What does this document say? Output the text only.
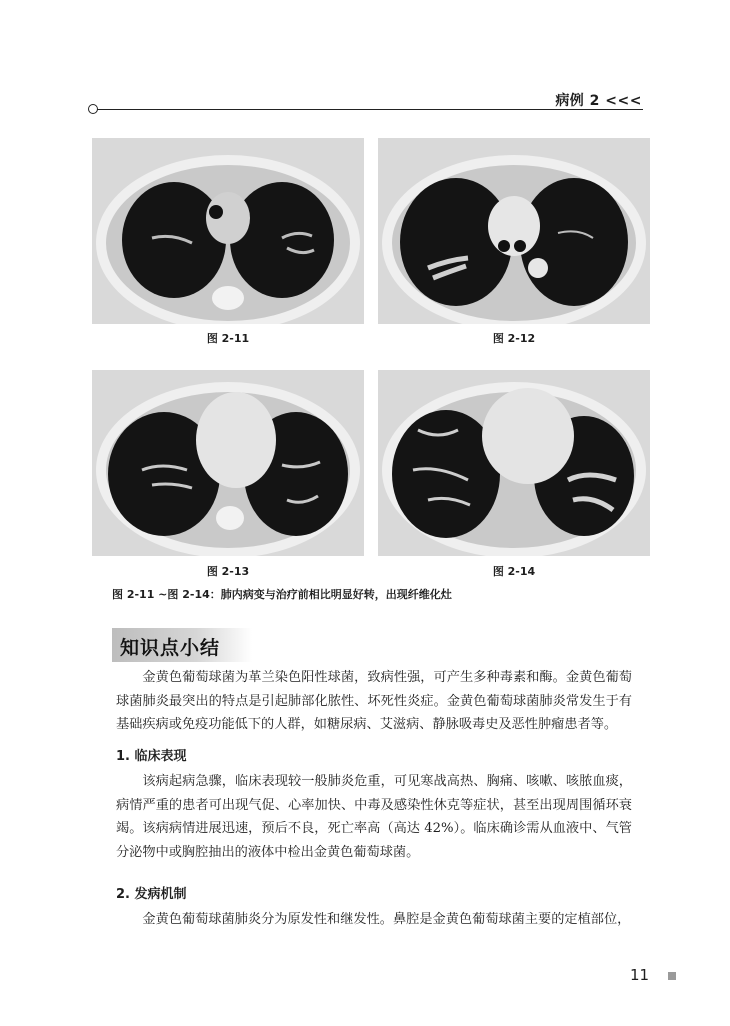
病例 2 <<<
图 2-11	图 2-12
图 2-13	图 2-14
图 2-11 ~图 2-14：肺内病变与治疗前相比明显好转，出现纤维化灶
知识点小结

金黄色葡萄球菌为革兰染色阳性球菌，致病性强，可产生多种毒素和酶。金黄色葡萄球菌肺炎最突出的特点是引起肺部化脓性、坏死性炎症。金黄色葡萄球菌肺炎常发生于有基础疾病或免疫功能低下的人群，如糖尿病、艾滋病、静脉吸毒史及恶性肿瘤患者等。

1. 临床表现

该病起病急骤，临床表现较一般肺炎危重，可见寒战高热、胸痛、咳嗽、咳脓血痰，病情严重的患者可出现气促、心率加快、中毒及感染性休克等症状，甚至出现周围循环衰竭。该病病情进展迅速，预后不良，死亡率高（高达 42%）。临床确诊需从血液中、气管分泌物中或胸腔抽出的液体中检出金黄色葡萄球菌。

2. 发病机制

金黄色葡萄球菌肺炎分为原发性和继发性。鼻腔是金黄色葡萄球菌主要的定植部位，

11
